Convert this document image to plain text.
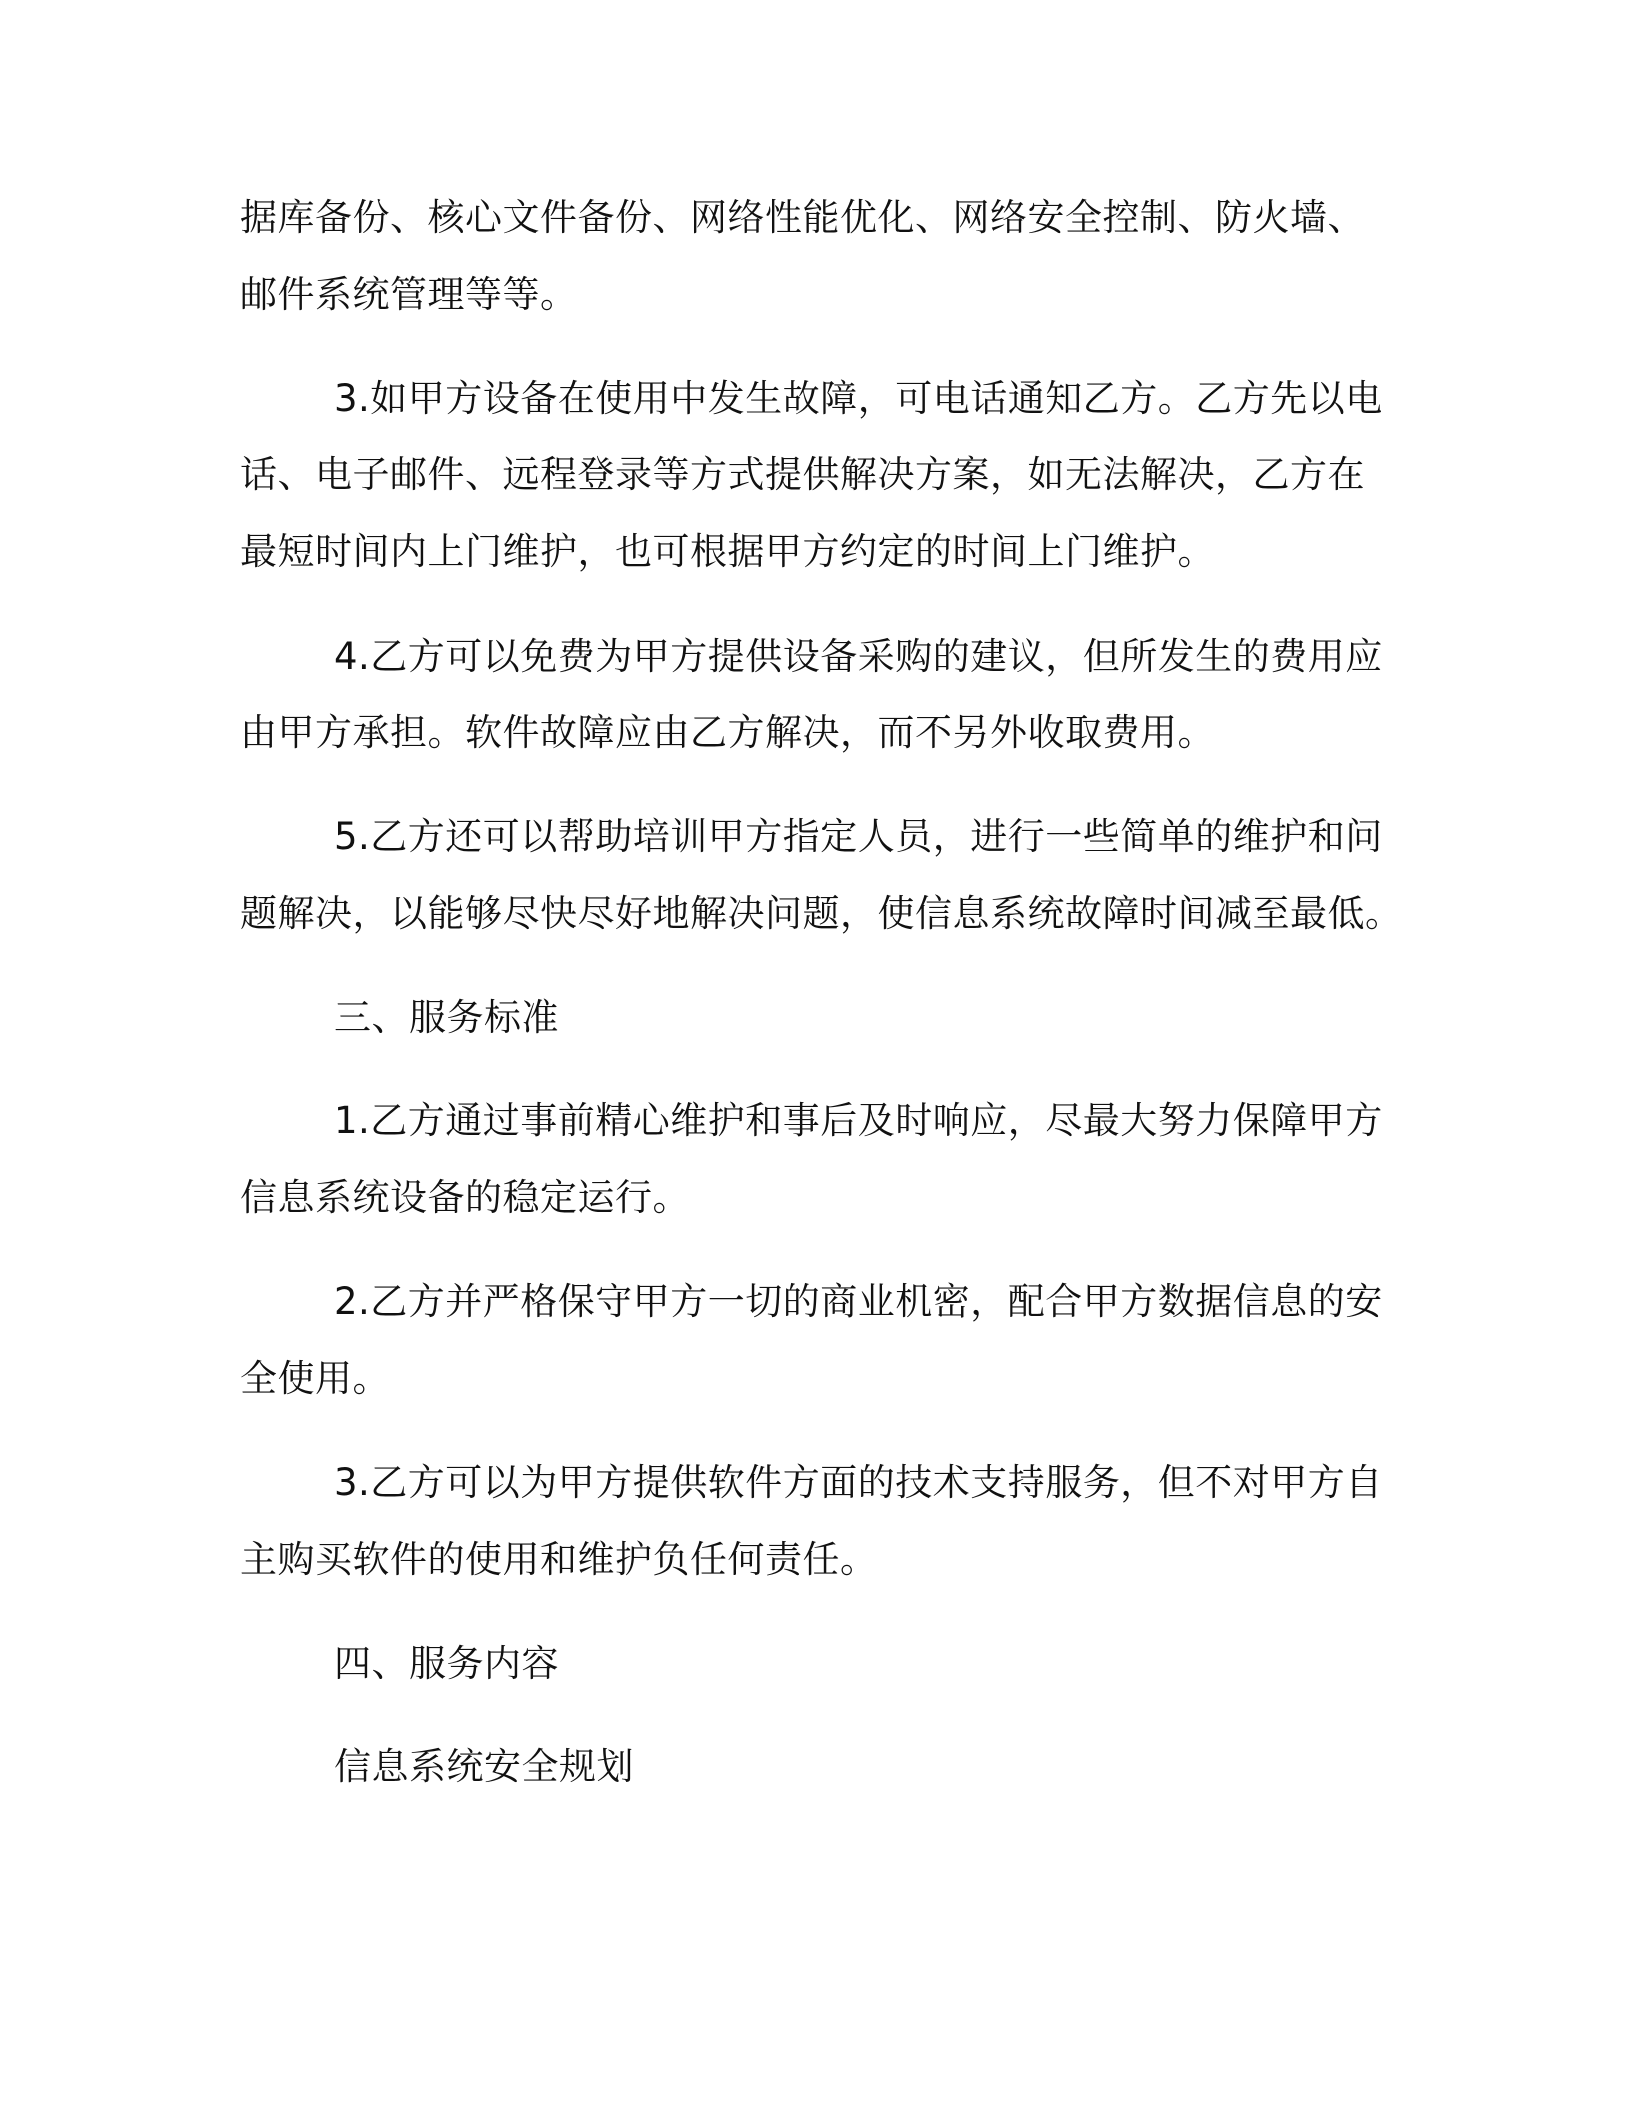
据库备份、核心文件备份、网络性能优化、网络安全控制、防火墙、
邮件系统管理等等。
3.如甲方设备在使用中发生故障，可电话通知乙方。乙方先以电
话、电子邮件、远程登录等方式提供解决方案，如无法解决，乙方在
最短时间内上门维护，也可根据甲方约定的时间上门维护。
4.乙方可以免费为甲方提供设备采购的建议，但所发生的费用应
由甲方承担。软件故障应由乙方解决，而不另外收取费用。
5.乙方还可以帮助培训甲方指定人员，进行一些简单的维护和问
题解决，以能够尽快尽好地解决问题，使信息系统故障时间减至最低。
三、服务标准
1.乙方通过事前精心维护和事后及时响应，尽最大努力保障甲方
信息系统设备的稳定运行。
2.乙方并严格保守甲方一切的商业机密，配合甲方数据信息的安
全使用。
3.乙方可以为甲方提供软件方面的技术支持服务，但不对甲方自
主购买软件的使用和维护负任何责任。
四、服务内容
信息系统安全规划
